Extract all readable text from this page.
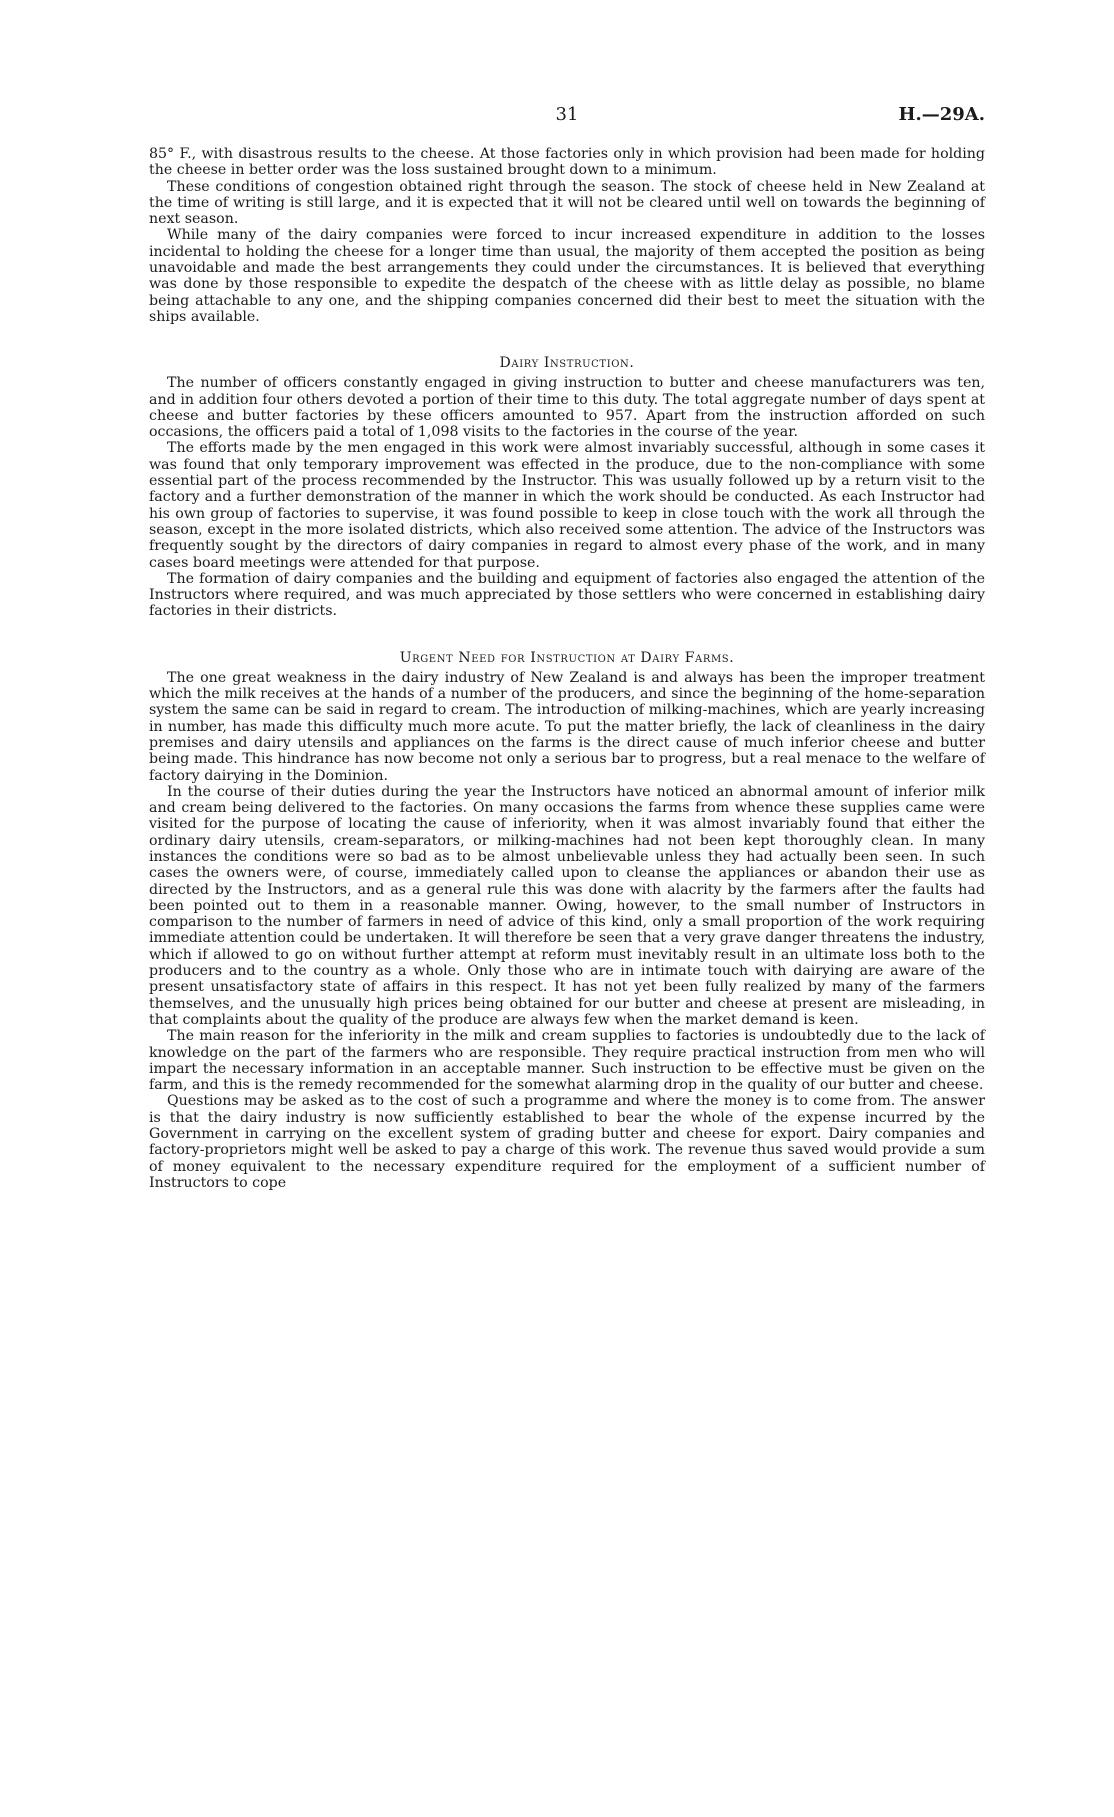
31	H.—29A.

85° F., with disastrous results to the cheese. At those factories only in which provision had been made for holding the cheese in better order was the loss sustained brought down to a minimum.

These conditions of congestion obtained right through the season. The stock of cheese held in New Zealand at the time of writing is still large, and it is expected that it will not be cleared until well on towards the beginning of next season.

While many of the dairy companies were forced to incur increased expenditure in addition to the losses incidental to holding the cheese for a longer time than usual, the majority of them accepted the position as being unavoidable and made the best arrangements they could under the circumstances. It is believed that everything was done by those responsible to expedite the despatch of the cheese with as little delay as possible, no blame being attachable to any one, and the shipping companies concerned did their best to meet the situation with the ships available.

Dairy Instruction.

The number of officers constantly engaged in giving instruction to butter and cheese manufacturers was ten, and in addition four others devoted a portion of their time to this duty. The total aggregate number of days spent at cheese and butter factories by these officers amounted to 957. Apart from the instruction afforded on such occasions, the officers paid a total of 1,098 visits to the factories in the course of the year.

The efforts made by the men engaged in this work were almost invariably successful, although in some cases it was found that only temporary improvement was effected in the produce, due to the non-compliance with some essential part of the process recommended by the Instructor. This was usually followed up by a return visit to the factory and a further demonstration of the manner in which the work should be conducted. As each Instructor had his own group of factories to supervise, it was found possible to keep in close touch with the work all through the season, except in the more isolated districts, which also received some attention. The advice of the Instructors was frequently sought by the directors of dairy companies in regard to almost every phase of the work, and in many cases board meetings were attended for that purpose.

The formation of dairy companies and the building and equipment of factories also engaged the attention of the Instructors where required, and was much appreciated by those settlers who were concerned in establishing dairy factories in their districts.

Urgent Need for Instruction at Dairy Farms.

The one great weakness in the dairy industry of New Zealand is and always has been the improper treatment which the milk receives at the hands of a number of the producers, and since the beginning of the home-separation system the same can be said in regard to cream. The introduction of milking-machines, which are yearly increasing in number, has made this difficulty much more acute. To put the matter briefly, the lack of cleanliness in the dairy premises and dairy utensils and appliances on the farms is the direct cause of much inferior cheese and butter being made. This hindrance has now become not only a serious bar to progress, but a real menace to the welfare of factory dairying in the Dominion.

In the course of their duties during the year the Instructors have noticed an abnormal amount of inferior milk and cream being delivered to the factories. On many occasions the farms from whence these supplies came were visited for the purpose of locating the cause of inferiority, when it was almost invariably found that either the ordinary dairy utensils, cream-separators, or milking-machines had not been kept thoroughly clean. In many instances the conditions were so bad as to be almost unbelievable unless they had actually been seen. In such cases the owners were, of course, immediately called upon to cleanse the appliances or abandon their use as directed by the Instructors, and as a general rule this was done with alacrity by the farmers after the faults had been pointed out to them in a reasonable manner. Owing, however, to the small number of Instructors in comparison to the number of farmers in need of advice of this kind, only a small proportion of the work requiring immediate attention could be undertaken. It will therefore be seen that a very grave danger threatens the industry, which if allowed to go on without further attempt at reform must inevitably result in an ultimate loss both to the producers and to the country as a whole. Only those who are in intimate touch with dairying are aware of the present unsatisfactory state of affairs in this respect. It has not yet been fully realized by many of the farmers themselves, and the unusually high prices being obtained for our butter and cheese at present are misleading, in that complaints about the quality of the produce are always few when the market demand is keen.

The main reason for the inferiority in the milk and cream supplies to factories is undoubtedly due to the lack of knowledge on the part of the farmers who are responsible. They require practical instruction from men who will impart the necessary information in an acceptable manner. Such instruction to be effective must be given on the farm, and this is the remedy recommended for the somewhat alarming drop in the quality of our butter and cheese.

Questions may be asked as to the cost of such a programme and where the money is to come from. The answer is that the dairy industry is now sufficiently established to bear the whole of the expense incurred by the Government in carrying on the excellent system of grading butter and cheese for export. Dairy companies and factory-proprietors might well be asked to pay a charge of this work. The revenue thus saved would provide a sum of money equivalent to the necessary expenditure required for the employment of a sufficient number of Instructors to cope
